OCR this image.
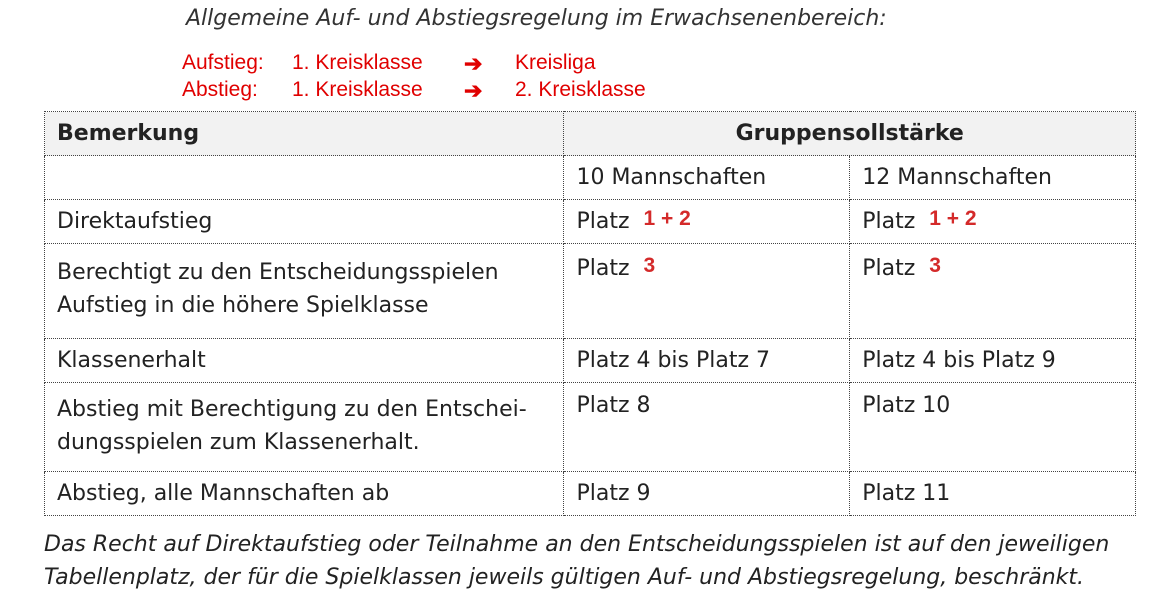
Allgemeine Auf- und Abstiegsregelung im Erwachsenenbereich:
Aufstieg: 1. Kreisklasse ➔ Kreisliga
Abstieg: 1. Kreisklasse ➔ 2. Kreisklasse
Bemerkung	Gruppensollstärke	
	10 Mannschaften	12 Mannschaften
Direktaufstieg	Platz 1 + 2	Platz 1 + 2
Berechtigt zu den Entscheidungsspielen
Aufstieg in die höhere Spielklasse	Platz 3	Platz 3
Klassenerhalt	Platz 4 bis Platz 7	Platz 4 bis Platz 9
Abstieg mit Berechtigung zu den Entschei-
dungsspielen zum Klassenerhalt.	Platz 8	Platz 10
Abstieg, alle Mannschaften ab	Platz 9	Platz 11
Das Recht auf Direktaufstieg oder Teilnahme an den Entscheidungsspielen ist auf den jeweiligen
Tabellenplatz, der für die Spielklassen jeweils gültigen Auf- und Abstiegsregelung, beschränkt.
